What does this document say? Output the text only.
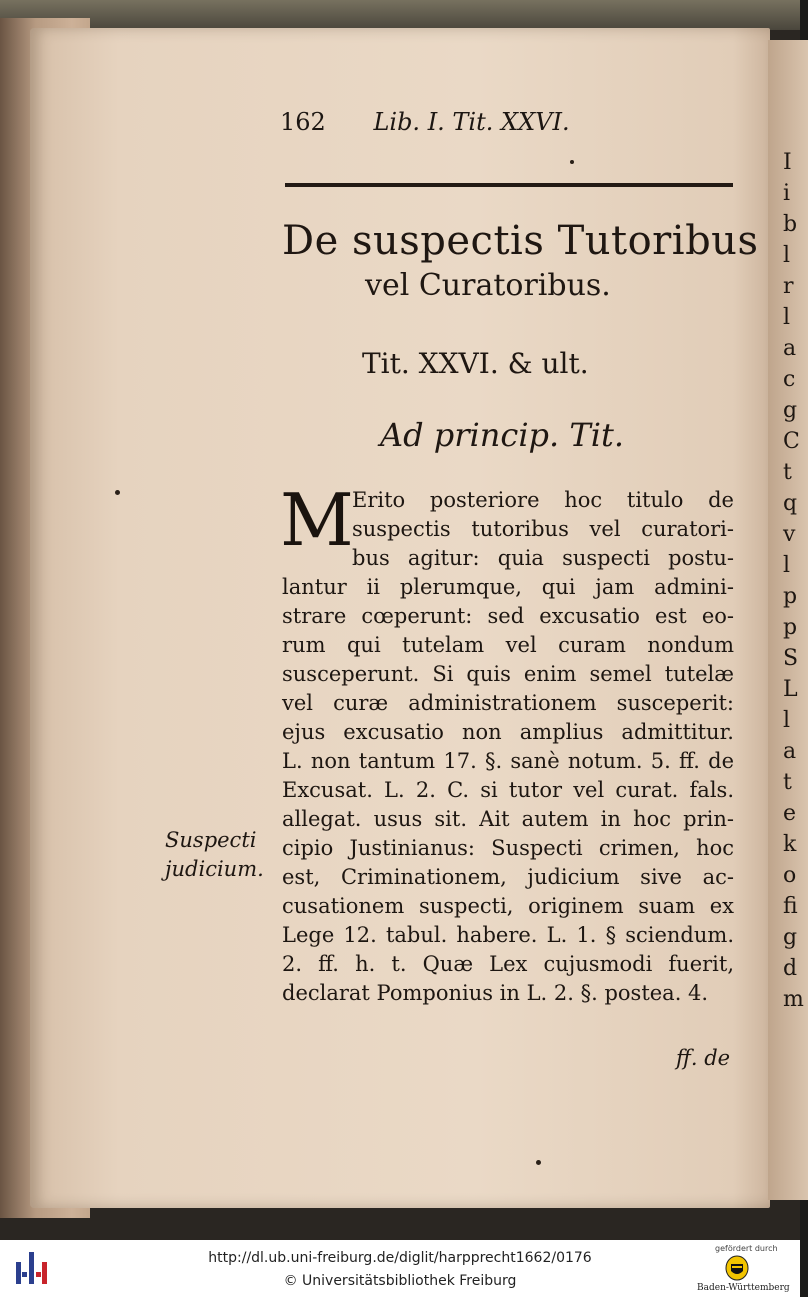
162 Lib. I. Tit. XXVI.
De suspectis Tutoribus
vel Curatoribus.
Tit. XXVI. & ult.
Ad princip. Tit.
M
Erito posteriore hoc titulo de
suspectis tutoribus vel curatori-
bus agitur: quia suspecti postu-
lantur ii plerumque, qui jam admini-
strare cœperunt: sed excusatio est eo-
rum qui tutelam vel curam nondum
susceperunt. Si quis enim semel tutelæ
vel curæ administrationem susceperit:
ejus excusatio non amplius admittitur.
L. non tantum 17. §. sanè notum. 5. ff. de
Excusat. L. 2. C. si tutor vel curat. fals.
allegat. usus sit. Ait autem in hoc prin-
cipio Justinianus: Suspecti crimen, hoc
est, Criminationem, judicium sive ac-
cusationem suspecti, originem suam ex
Lege 12. tabul. habere. L. 1. § sciendum.
2. ff. h. t. Quæ Lex cujusmodi fuerit,
declarat Pomponius in L. 2. §. postea. 4.
Suspecti
judicium.
I
i
b
l
r
l
a
c
g
C
t
q
v
l
p
p
S
L
l
a
t
e
k
o
fi
g
d
m
ff. de
http://dl.ub.uni-freiburg.de/diglit/harpprecht1662/0176
© Universitätsbibliothek Freiburg
gefördert durch
Baden-Württemberg
